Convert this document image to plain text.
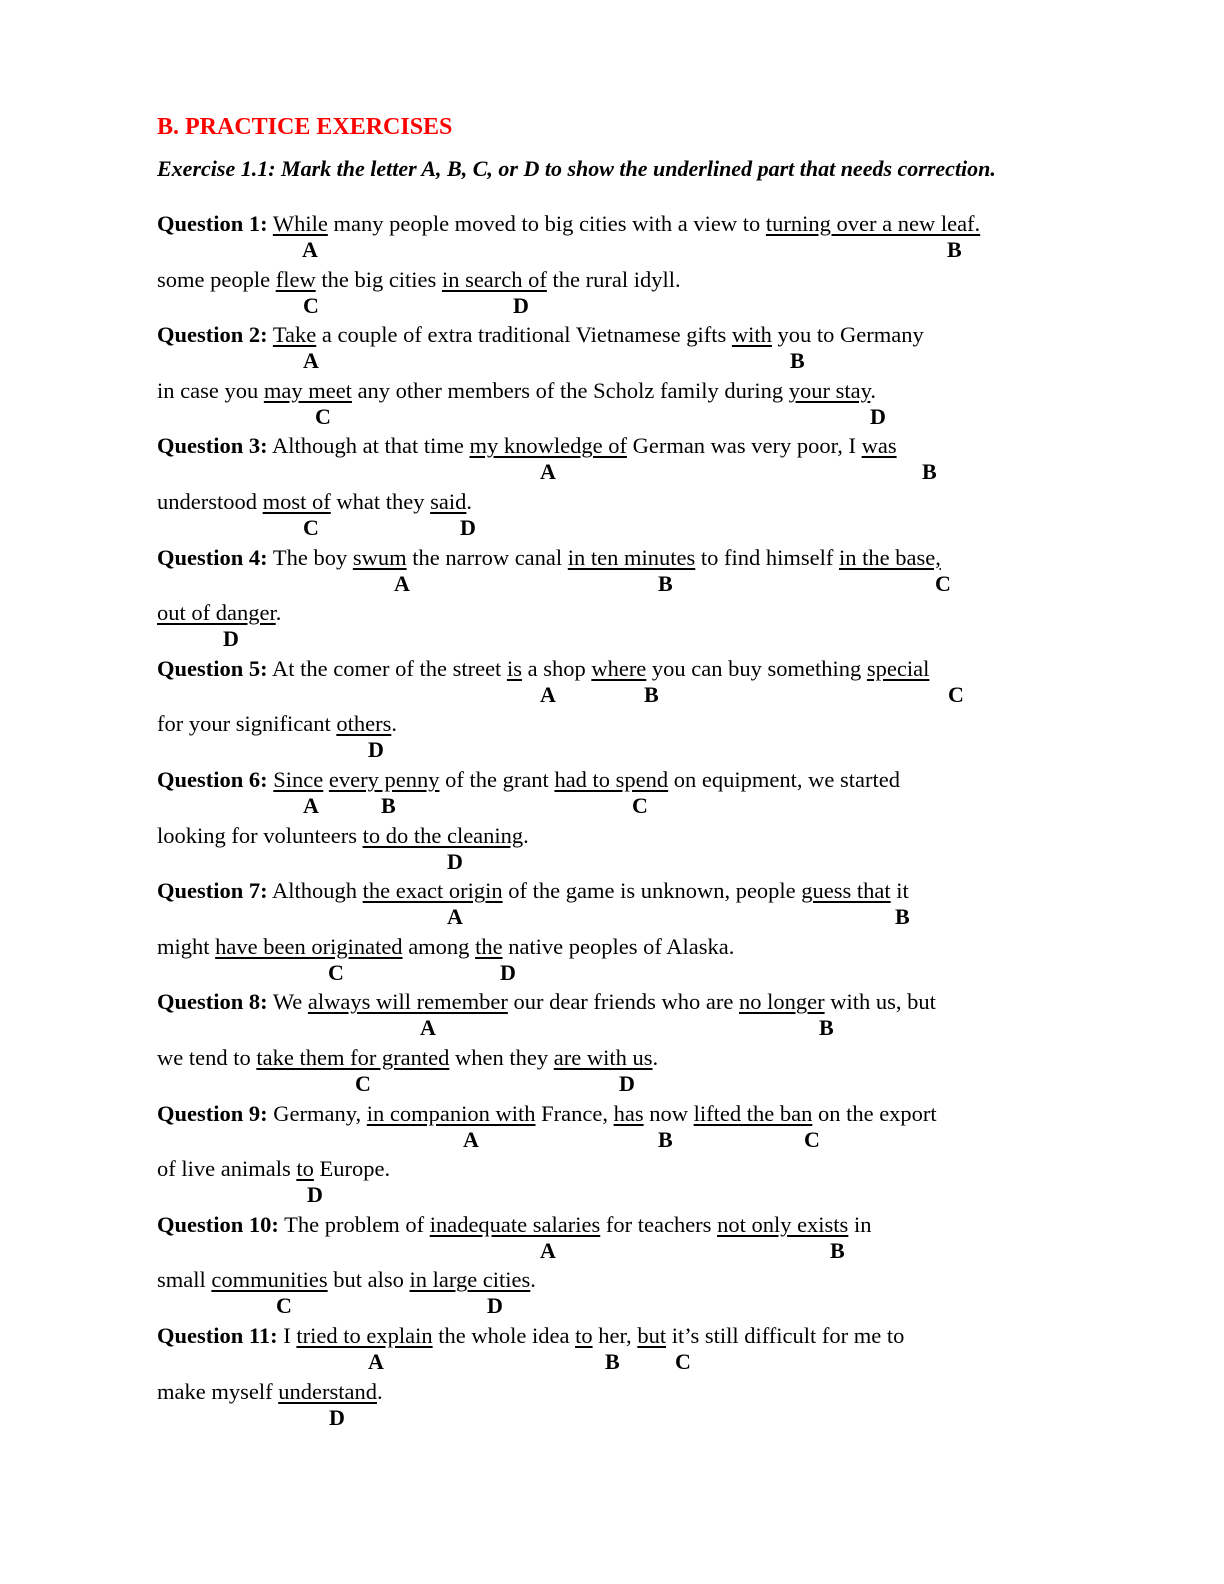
B. PRACTICE EXERCISES
Exercise 1.1: Mark the letter A, B, C, or D to show the underlined part that needs correction.
Question 1: While many people moved to big cities with a view to turning over a new leaf.
A	B
some people flew the big cities in search of the rural idyll.
C	D
Question 2: Take a couple of extra traditional Vietnamese gifts with you to Germany
A	B
in case you may meet any other members of the Scholz family during your stay.
C	D
Question 3: Although at that time my knowledge of German was very poor, I was
A	B
understood most of what they said.
C	D
Question 4: The boy swum the narrow canal in ten minutes to find himself in the base,
A	B	C
out of danger.
D
Question 5: At the comer of the street is a shop where you can buy something special
A	B	C
for your significant others.
D
Question 6: Since every penny of the grant had to spend on equipment, we started
A	B	C
looking for volunteers to do the cleaning.
D
Question 7: Although the exact origin of the game is unknown, people guess that it
A	B
might have been originated among the native peoples of Alaska.
C	D
Question 8: We always will remember our dear friends who are no longer with us, but
A	B
we tend to take them for granted when they are with us.
C	D
Question 9: Germany, in companion with France, has now lifted the ban on the export
A	B	C
of live animals to Europe.
D
Question 10: The problem of inadequate salaries for teachers not only exists in
A	B
small communities but also in large cities.
C	D
Question 11: I tried to explain the whole idea to her, but it’s still difficult for me to
A	B	C
make myself understand.
D
